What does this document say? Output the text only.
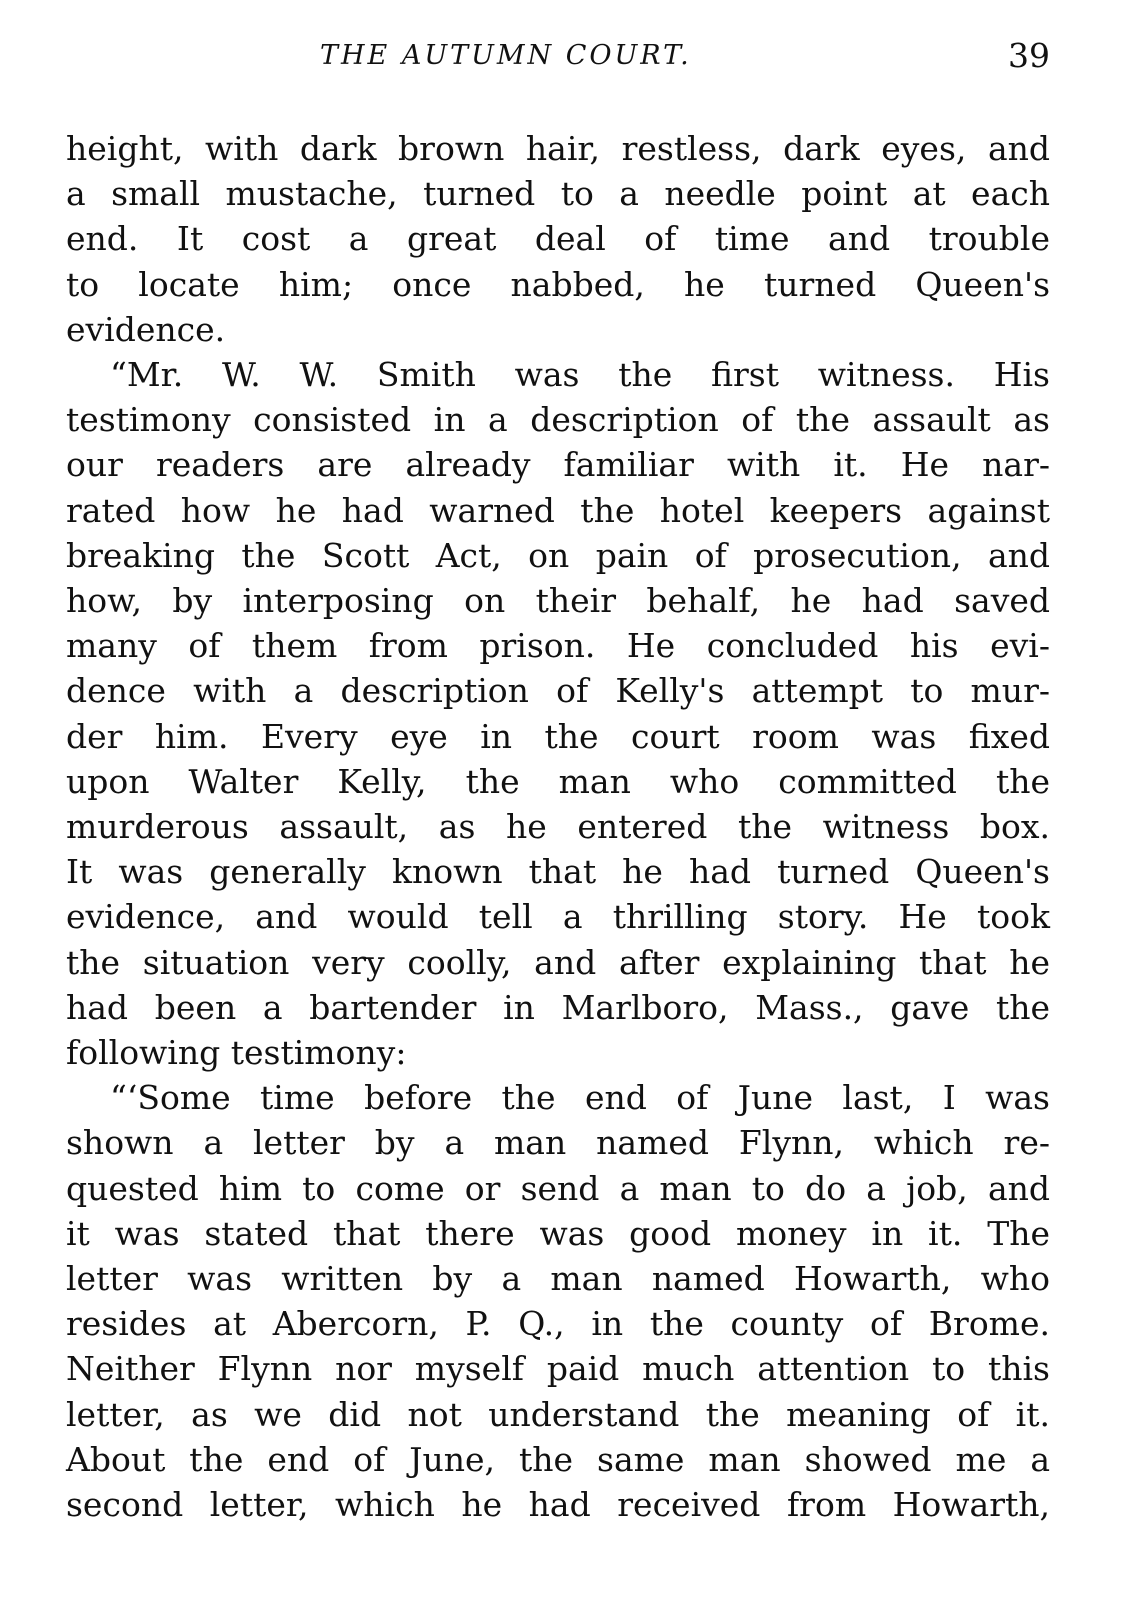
THE AUTUMN COURT.	39
height, with dark brown hair, restless, dark eyes, and
a small mustache, turned to a needle point at each
end. It cost a great deal of time and trouble
to locate him; once nabbed, he turned Queen's
evidence.
“Mr. W. W. Smith was the first witness. His
testimony consisted in a description of the assault as
our readers are already familiar with it. He nar-
rated how he had warned the hotel keepers against
breaking the Scott Act, on pain of prosecution, and
how, by interposing on their behalf, he had saved
many of them from prison. He concluded his evi-
dence with a description of Kelly's attempt to mur-
der him. Every eye in the court room was fixed
upon Walter Kelly, the man who committed the
murderous assault, as he entered the witness box.
It was generally known that he had turned Queen's
evidence, and would tell a thrilling story. He took
the situation very coolly, and after explaining that he
had been a bartender in Marlboro, Mass., gave the
following testimony:
“‘Some time before the end of June last, I was
shown a letter by a man named Flynn, which re-
quested him to come or send a man to do a job, and
it was stated that there was good money in it. The
letter was written by a man named Howarth, who
resides at Abercorn, P. Q., in the county of Brome.
Neither Flynn nor myself paid much attention to this
letter, as we did not understand the meaning of it.
About the end of June, the same man showed me a
second letter, which he had received from Howarth,
